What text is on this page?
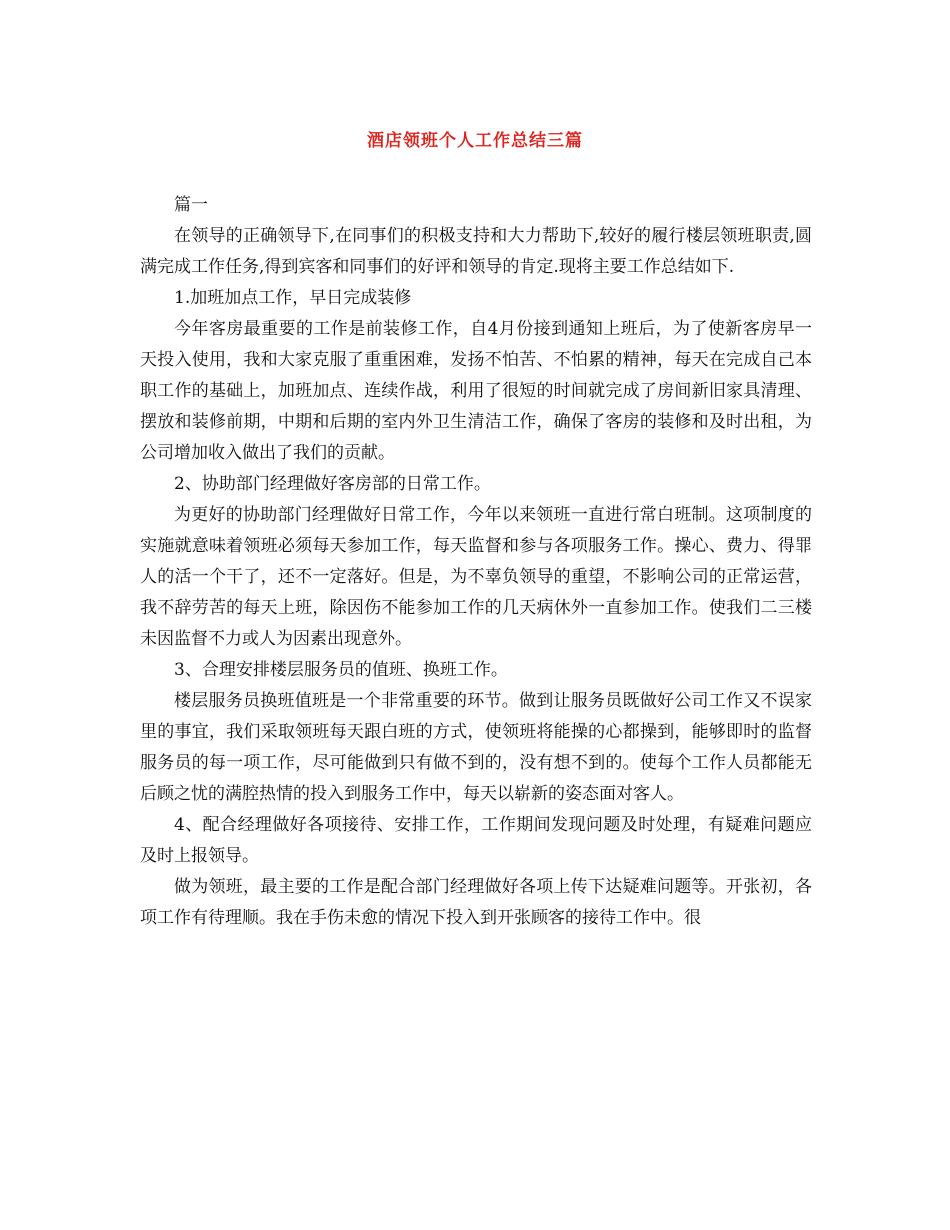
酒店领班个人工作总结三篇

篇一

在领导的正确领导下,在同事们的积极支持和大力帮助下,较好的履行楼层领班职责,圆满完成工作任务,得到宾客和同事们的好评和领导的肯定.现将主要工作总结如下.

1.加班加点工作，早日完成装修

今年客房最重要的工作是前装修工作，自4月份接到通知上班后，为了使新客房早一天投入使用，我和大家克服了重重困难，发扬不怕苦、不怕累的精神，每天在完成自己本职工作的基础上，加班加点、连续作战，利用了很短的时间就完成了房间新旧家具清理、摆放和装修前期，中期和后期的室内外卫生清洁工作，确保了客房的装修和及时出租，为公司增加收入做出了我们的贡献。

2、协助部门经理做好客房部的日常工作。

为更好的协助部门经理做好日常工作，今年以来领班一直进行常白班制。这项制度的实施就意味着领班必须每天参加工作，每天监督和参与各项服务工作。操心、费力、得罪人的活一个干了，还不一定落好。但是，为不辜负领导的重望，不影响公司的正常运营，我不辞劳苦的每天上班，除因伤不能参加工作的几天病休外一直参加工作。使我们二三楼未因监督不力或人为因素出现意外。

3、合理安排楼层服务员的值班、换班工作。

楼层服务员换班值班是一个非常重要的环节。做到让服务员既做好公司工作又不误家里的事宜，我们采取领班每天跟白班的方式，使领班将能操的心都操到，能够即时的监督服务员的每一项工作，尽可能做到只有做不到的，没有想不到的。使每个工作人员都能无后顾之忧的满腔热情的投入到服务工作中，每天以崭新的姿态面对客人。

4、配合经理做好各项接待、安排工作，工作期间发现问题及时处理，有疑难问题应及时上报领导。

做为领班，最主要的工作是配合部门经理做好各项上传下达疑难问题等。开张初，各项工作有待理顺。我在手伤未愈的情况下投入到开张顾客的接待工作中。很
